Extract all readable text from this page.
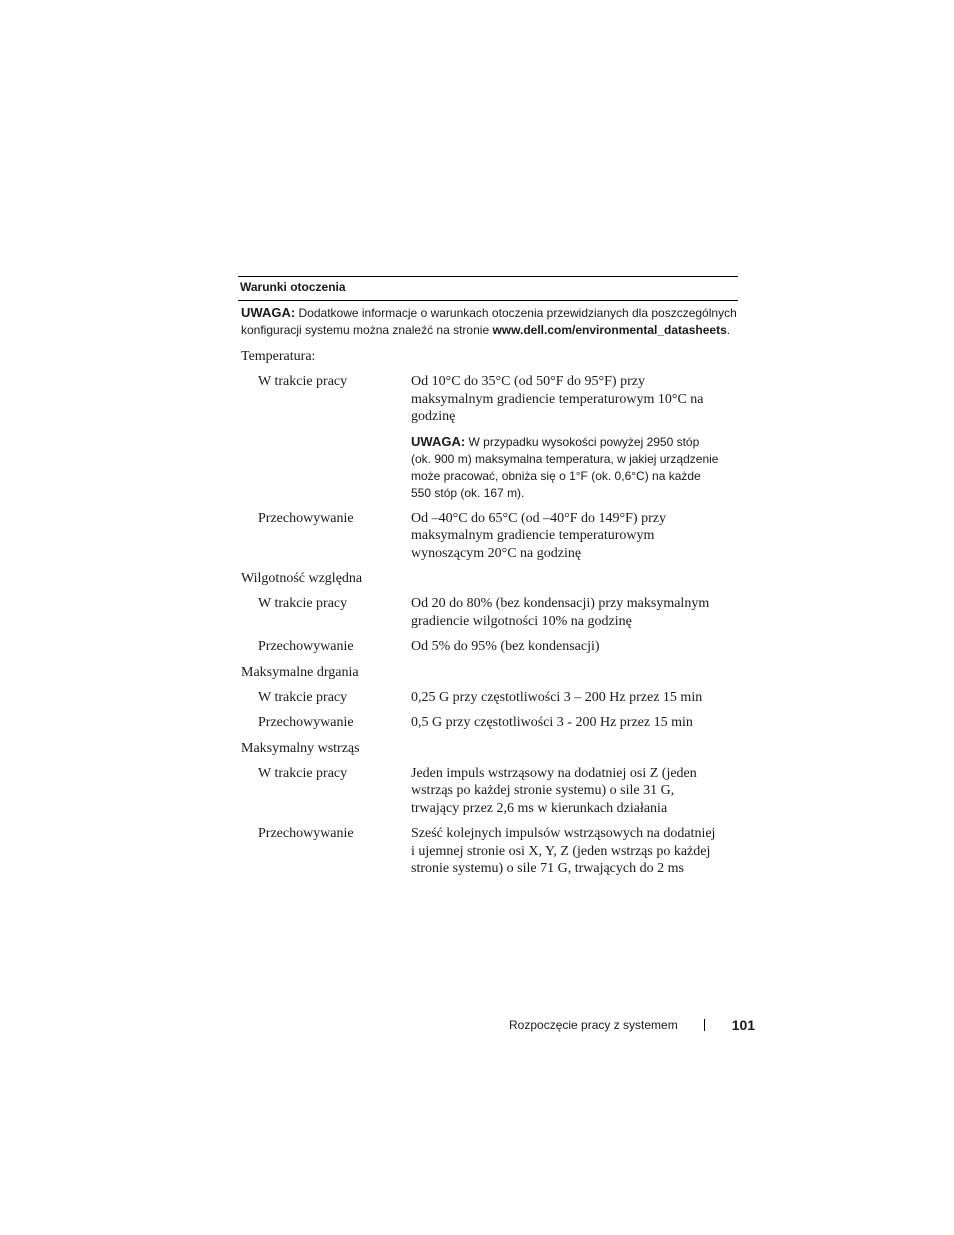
Warunki otoczenia
UWAGA: Dodatkowe informacje o warunkach otoczenia przewidzianych dla poszczególnych konfiguracji systemu można znaleźć na stronie www.dell.com/environmental_datasheets.
Temperatura:
W trakcie pracy	Od 10°C do 35°C (od 50°F do 95°F) przy maksymalnym gradiencie temperaturowym 10°C na godzinę
UWAGA: W przypadku wysokości powyżej 2950 stóp (ok. 900 m) maksymalna temperatura, w jakiej urządzenie może pracować, obniża się o 1°F (ok. 0,6°C) na każde 550 stóp (ok. 167 m).
Przechowywanie	Od –40°C do 65°C (od –40°F do 149°F) przy maksymalnym gradiencie temperaturowym wynoszącym 20°C na godzinę
Wilgotność względna
W trakcie pracy	Od 20 do 80% (bez kondensacji) przy maksymalnym gradiencie wilgotności 10% na godzinę
Przechowywanie	Od 5% do 95% (bez kondensacji)
Maksymalne drgania
W trakcie pracy	0,25 G przy częstotliwości 3 – 200 Hz przez 15 min
Przechowywanie	0,5 G przy częstotliwości 3 - 200 Hz przez 15 min
Maksymalny wstrząs
W trakcie pracy	Jeden impuls wstrząsowy na dodatniej osi Z (jeden wstrząs po każdej stronie systemu) o sile 31 G, trwający przez 2,6 ms w kierunkach działania
Przechowywanie	Sześć kolejnych impulsów wstrząsowych na dodatniej i ujemnej stronie osi X, Y, Z (jeden wstrząs po każdej stronie systemu) o sile 71 G, trwających do 2 ms
Rozpoczęcie pracy z systemem	101
